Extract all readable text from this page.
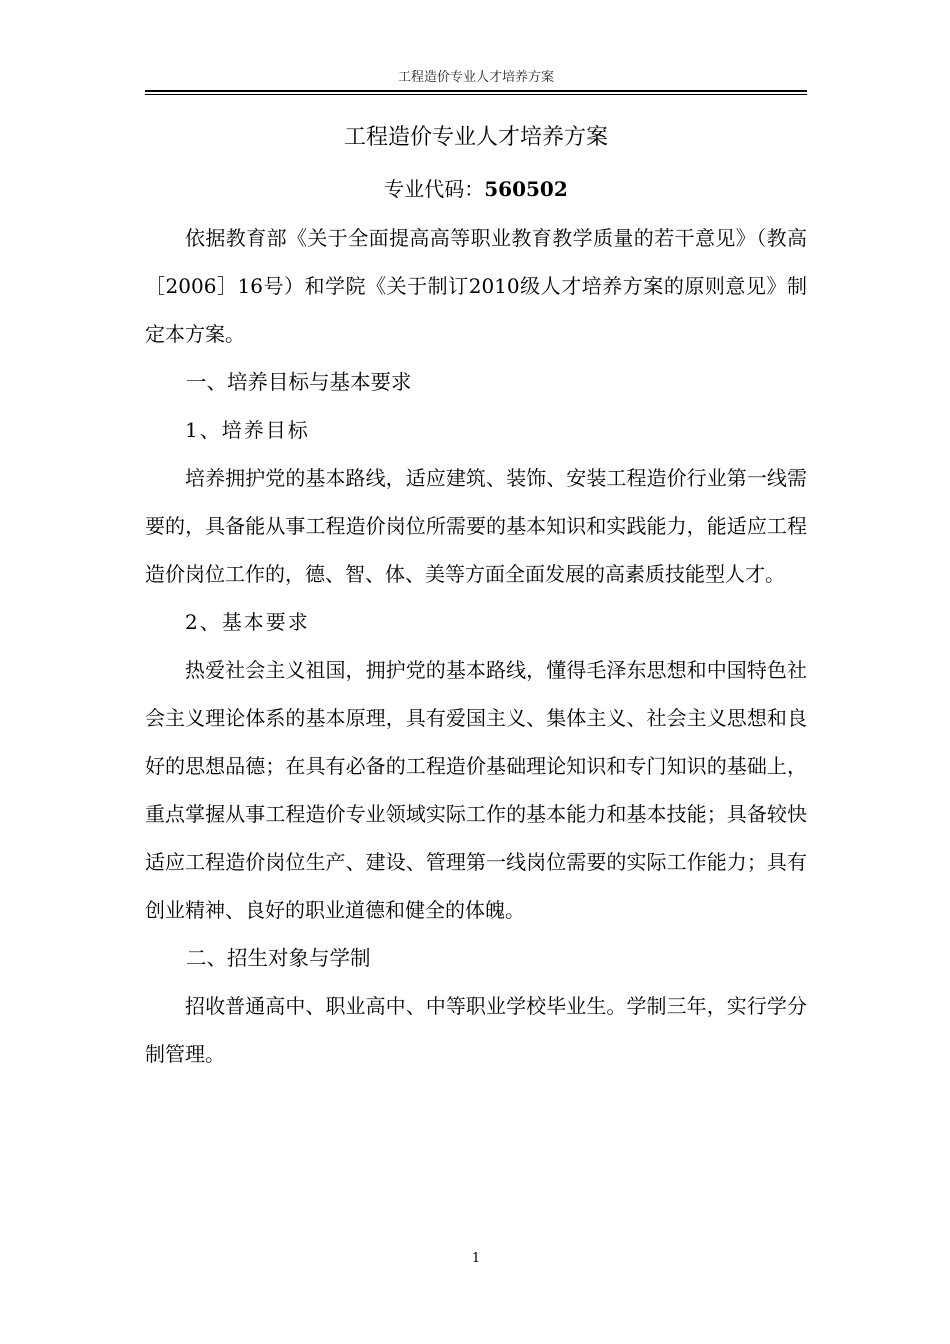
工程造价专业人才培养方案
工程造价专业人才培养方案
专业代码：560502

依据教育部《关于全面提高高等职业教育教学质量的若干意见》（教高［2006］16号）和学院《关于制订2010级人才培养方案的原则意见》制定本方案。

一、培养目标与基本要求

1、培养目标

培养拥护党的基本路线，适应建筑、装饰、安装工程造价行业第一线需要的，具备能从事工程造价岗位所需要的基本知识和实践能力，能适应工程造价岗位工作的，德、智、体、美等方面全面发展的高素质技能型人才。

2、基本要求

热爱社会主义祖国，拥护党的基本路线，懂得毛泽东思想和中国特色社会主义理论体系的基本原理，具有爱国主义、集体主义、社会主义思想和良好的思想品德；在具有必备的工程造价基础理论知识和专门知识的基础上，重点掌握从事工程造价专业领域实际工作的基本能力和基本技能；具备较快适应工程造价岗位生产、建设、管理第一线岗位需要的实际工作能力；具有创业精神、良好的职业道德和健全的体魄。

二、招生对象与学制

招收普通高中、职业高中、中等职业学校毕业生。学制三年，实行学分制管理。

1
